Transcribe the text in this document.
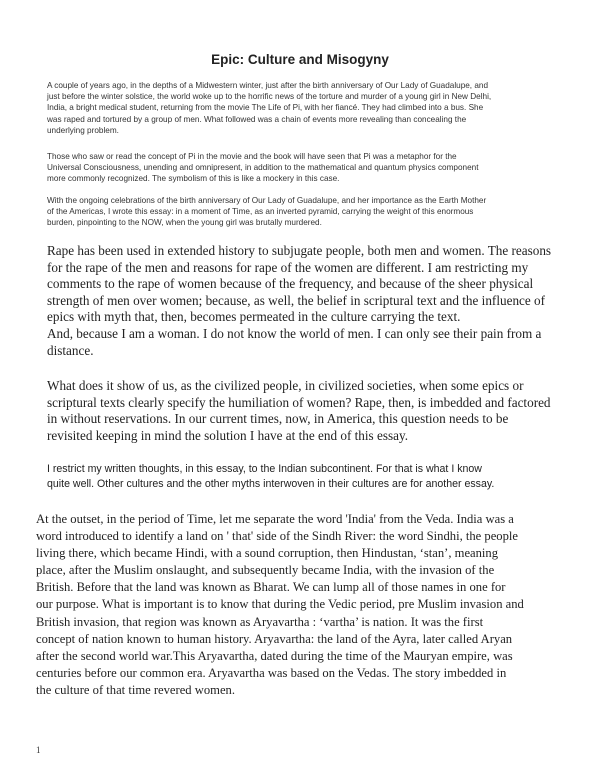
Epic: Culture and Misogyny

A couple of years ago, in the depths of a Midwestern winter, just after the birth anniversary of Our Lady of Guadalupe, and
just before the winter solstice, the world woke up to the horrific news of the torture and murder of a young girl in New Delhi,
India, a bright medical student, returning from the movie The Life of Pi, with her fiancé. They had climbed into a bus. She
was raped and tortured by a group of men. What followed was a chain of events more revealing than concealing the
underlying problem.

Those who saw or read the concept of Pi in the movie and the book will have seen that Pi was a metaphor for the
Universal Consciousness, unending and omnipresent, in addition to the mathematical and quantum physics component
more commonly recognized. The symbolism of this is like a mockery in this case.

With the ongoing celebrations of the birth anniversary of Our Lady of Guadalupe, and her importance as the Earth Mother
of the Americas, I wrote this essay: in a moment of Time, as an inverted pyramid, carrying the weight of this enormous
burden, pinpointing to the NOW, when the young girl was brutally murdered.

Rape has been used in extended history to subjugate people, both men and women. The reasons
for the rape of the men and reasons for rape of the women are different. I am restricting my
comments to the rape of women because of the frequency, and because of the sheer physical
strength of men over women; because, as well, the belief in scriptural text and the influence of
epics with myth that, then, becomes permeated in the culture carrying the text.
And, because I am a woman. I do not know the world of men. I can only see their pain from a
distance.

What does it show of us, as the civilized people, in civilized societies, when some epics or
scriptural texts clearly specify the humiliation of women? Rape, then, is imbedded and factored
in without reservations. In our current times, now, in America, this question needs to be
revisited keeping in mind the solution I have at the end of this essay.

I restrict my written thoughts, in this essay, to the Indian subcontinent. For that is what I know
quite well. Other cultures and the other myths interwoven in their cultures are for another essay.

At the outset, in the period of Time, let me separate the word 'India' from the Veda. India was a
word introduced to identify a land on ' that' side of the Sindh River: the word Sindhi, the people
living there, which became Hindi, with a sound corruption, then Hindustan, ‘stan’, meaning
place, after the Muslim onslaught, and subsequently became India, with the invasion of the
British. Before that the land was known as Bharat. We can lump all of those names in one for
our purpose. What is important is to know that during the Vedic period, pre Muslim invasion and
British invasion, that region was known as Aryavartha : ‘vartha’ is nation. It was the first
concept of nation known to human history. Aryavartha: the land of the Ayra, later called Aryan
after the second world war.This Aryavartha, dated during the time of the Mauryan empire, was
centuries before our common era. Aryavartha was based on the Vedas. The story imbedded in
the culture of that time revered women.

1
